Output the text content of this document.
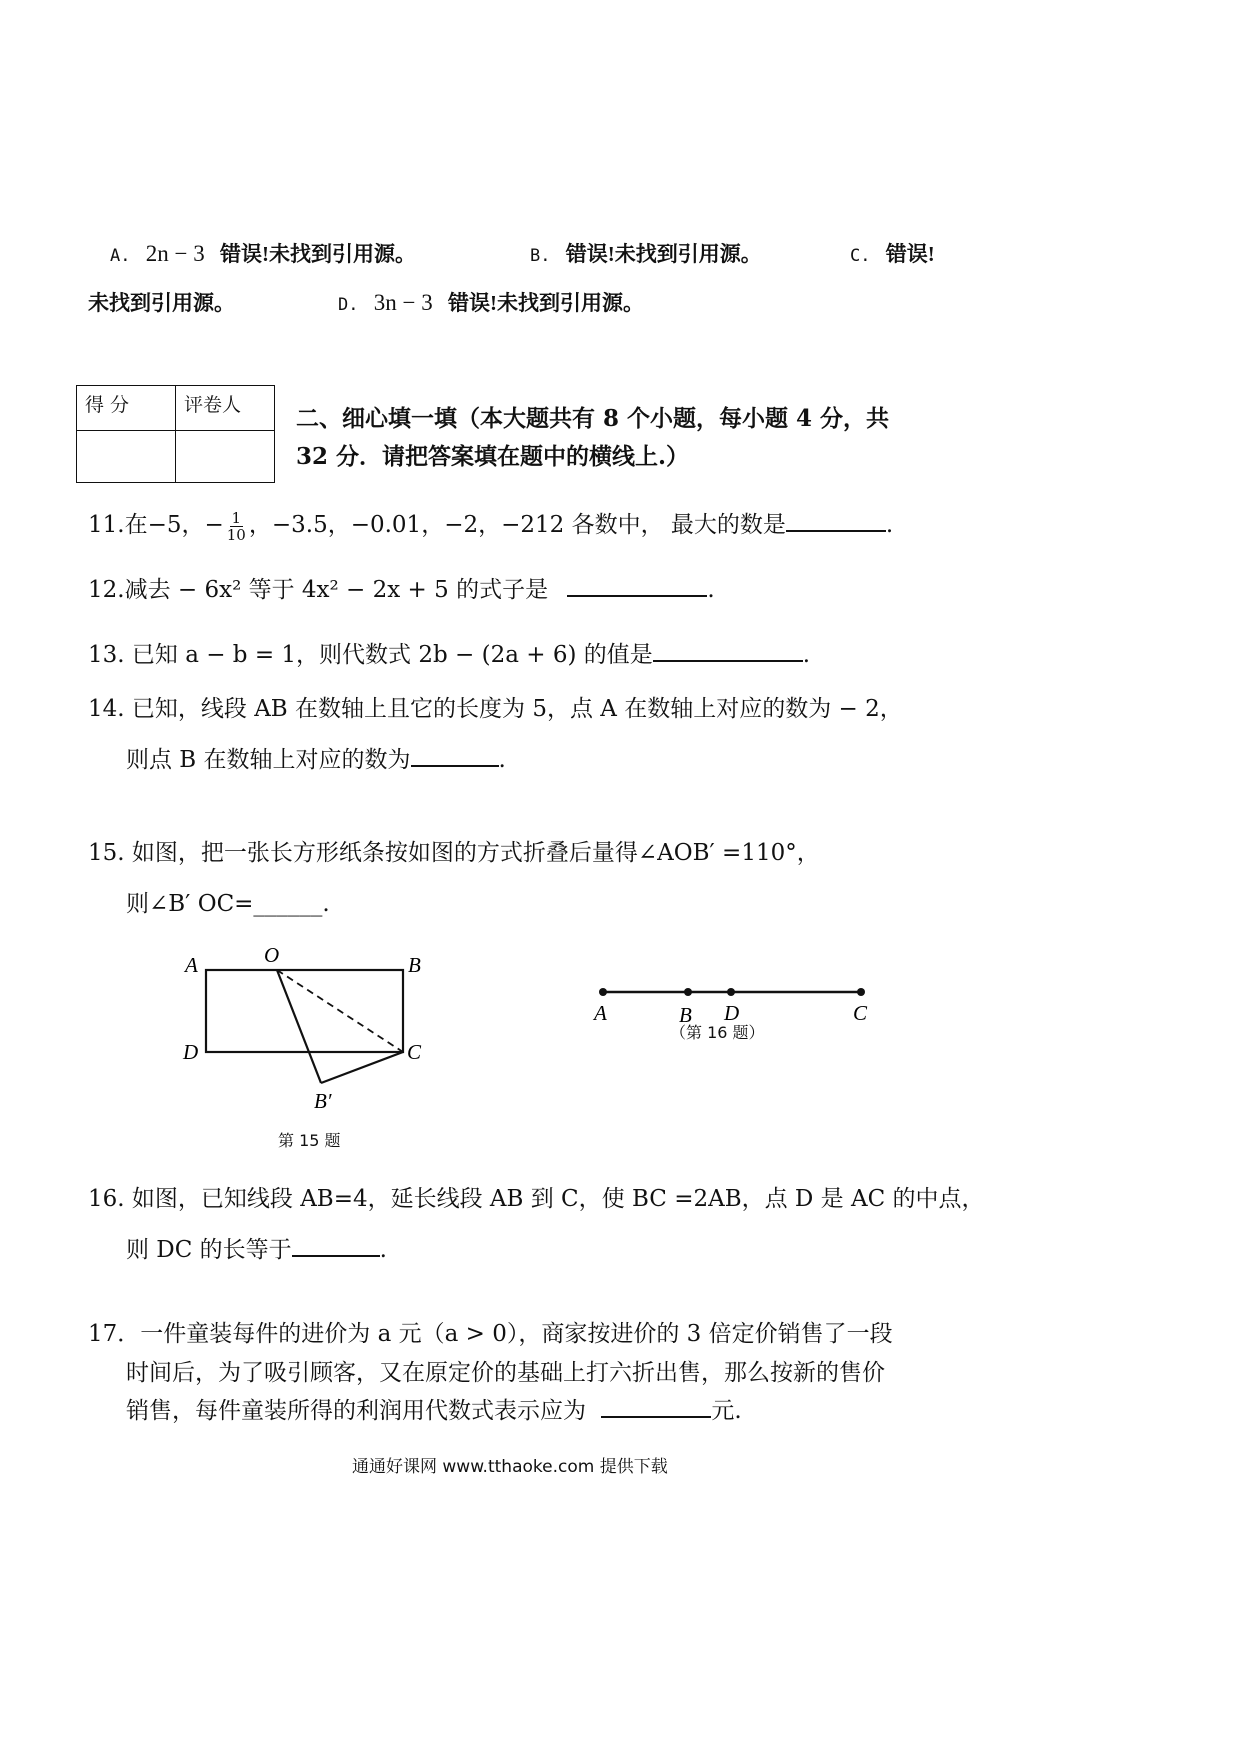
A. 2n − 3 错误!未找到引用源。	B. 错误!未找到引用源。	C. 错误!
未找到引用源。	D. 3n − 3 错误!未找到引用源。
得 分	评卷人
	二、细心填一填（本大题共有 8 个小题，每小题 4 分，共
32 分．请把答案填在题中的横线上.）
11.在−5，− $\frac{1}{10}$ ，−3.5，−0.01，−2，−212 各数中， 最大的数是	.
12.减去 − 6x² 等于 4x² − 2x + 5 的式子是	.
13. 已知 a − b = 1，则代数式 2b − (2a + 6) 的值是	.
14. 已知，线段 AB 在数轴上且它的长度为 5，点 A 在数轴上对应的数为 − 2，
则点 B 在数轴上对应的数为	.
15. 如图，把一张长方形纸条按如图的方式折叠后量得∠AOB′ =110°，
则∠B′ OC=______.
A	O	B
D	C
B′
第 15 题
A	B D	C
（第 16 题）
16. 如图，已知线段 AB=4，延长线段 AB 到 C，使 BC =2AB，点 D 是 AC 的中点，
则 DC 的长等于	.
17．一件童装每件的进价为 a 元（a > 0），商家按进价的 3 倍定价销售了一段
时间后，为了吸引顾客，又在原定价的基础上打六折出售，那么按新的售价
销售，每件童装所得的利润用代数式表示应为	元.
通通好课网 www.tthaoke.com 提供下载
